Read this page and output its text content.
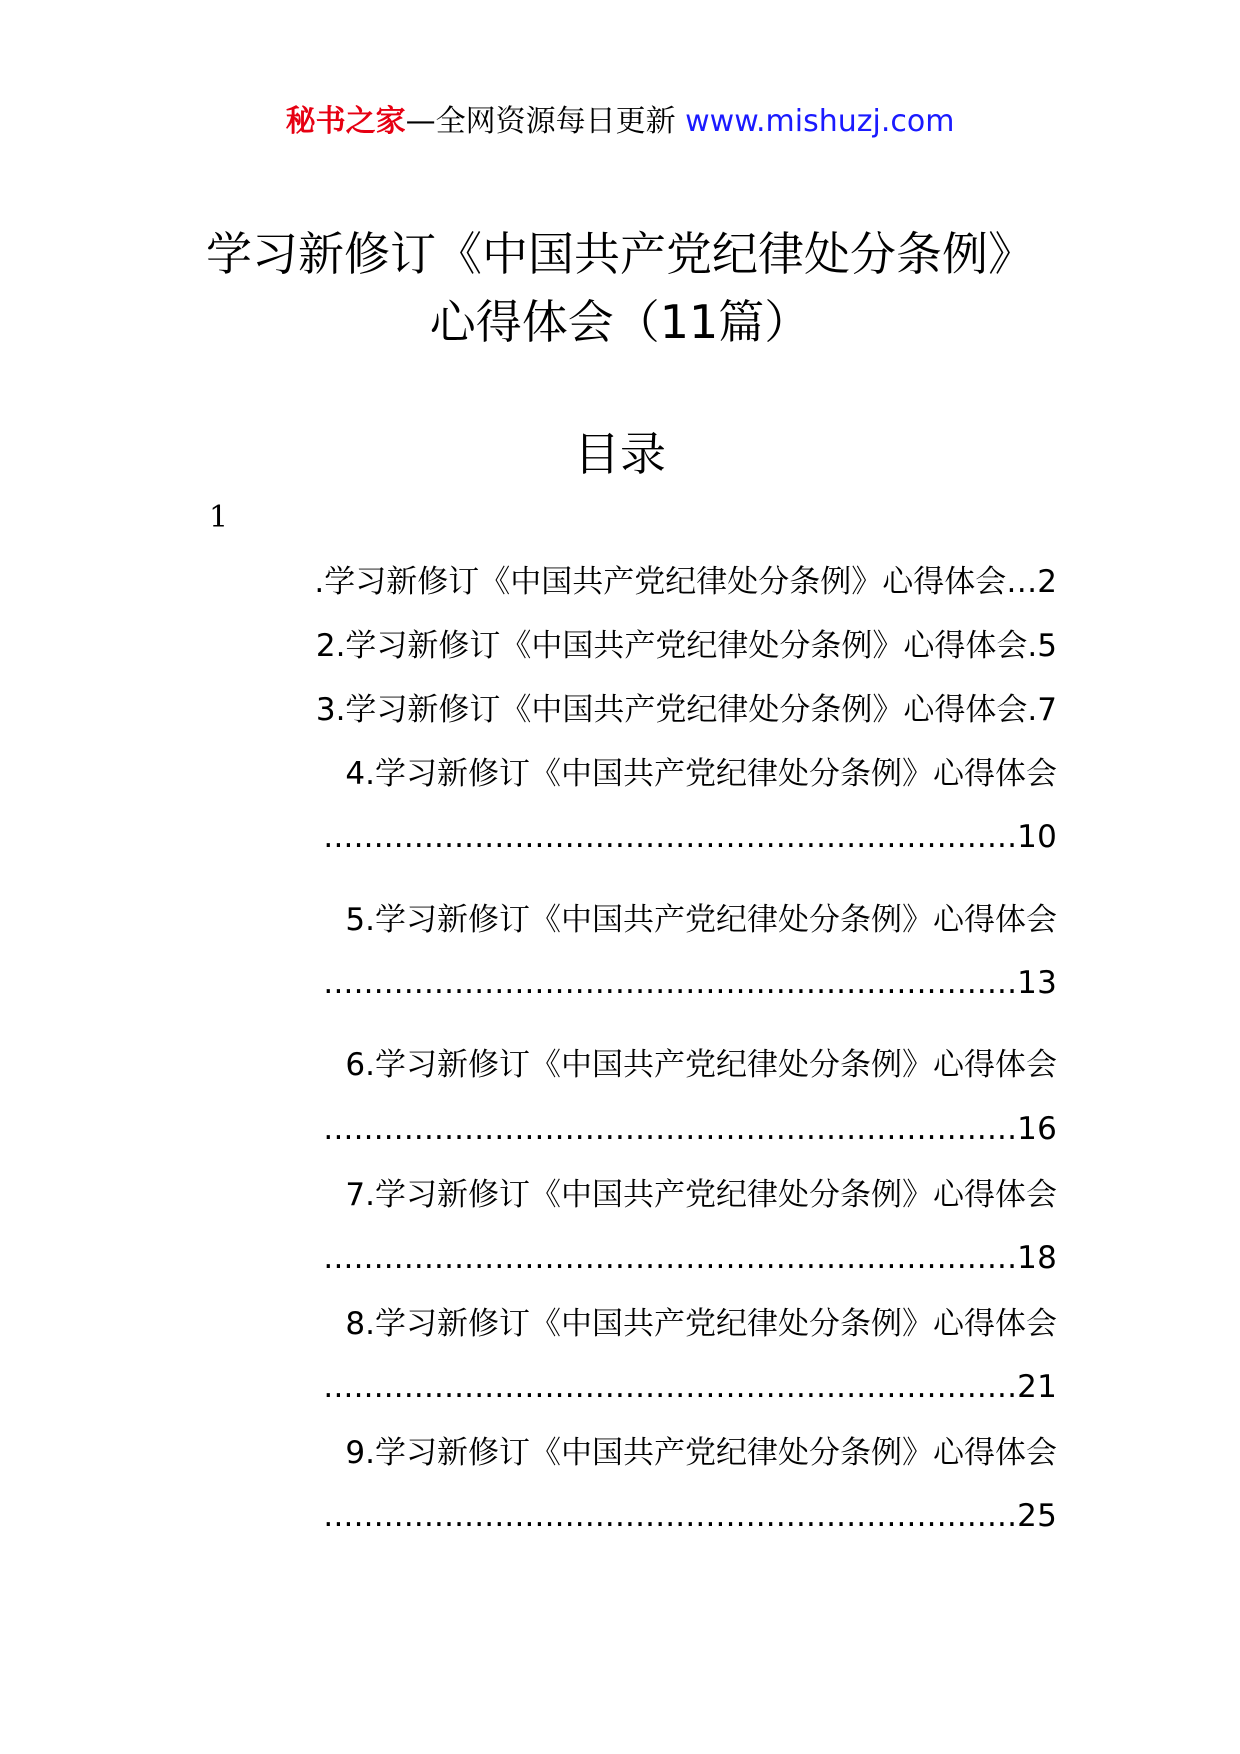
秘书之家—全网资源每日更新 www.mishuzj.com
学习新修订《中国共产党纪律处分条例》
心得体会（11篇）
目录
1
.学习新修订《中国共产党纪律处分条例》心得体会…2
2.学习新修订《中国共产党纪律处分条例》心得体会.5
3.学习新修订《中国共产党纪律处分条例》心得体会.7
4.学习新修订《中国共产党纪律处分条例》心得体会
.....................................................................10
5.学习新修订《中国共产党纪律处分条例》心得体会
.....................................................................13
6.学习新修订《中国共产党纪律处分条例》心得体会
.....................................................................16
7.学习新修订《中国共产党纪律处分条例》心得体会
.....................................................................18
8.学习新修订《中国共产党纪律处分条例》心得体会
.....................................................................21
9.学习新修订《中国共产党纪律处分条例》心得体会
.....................................................................25
